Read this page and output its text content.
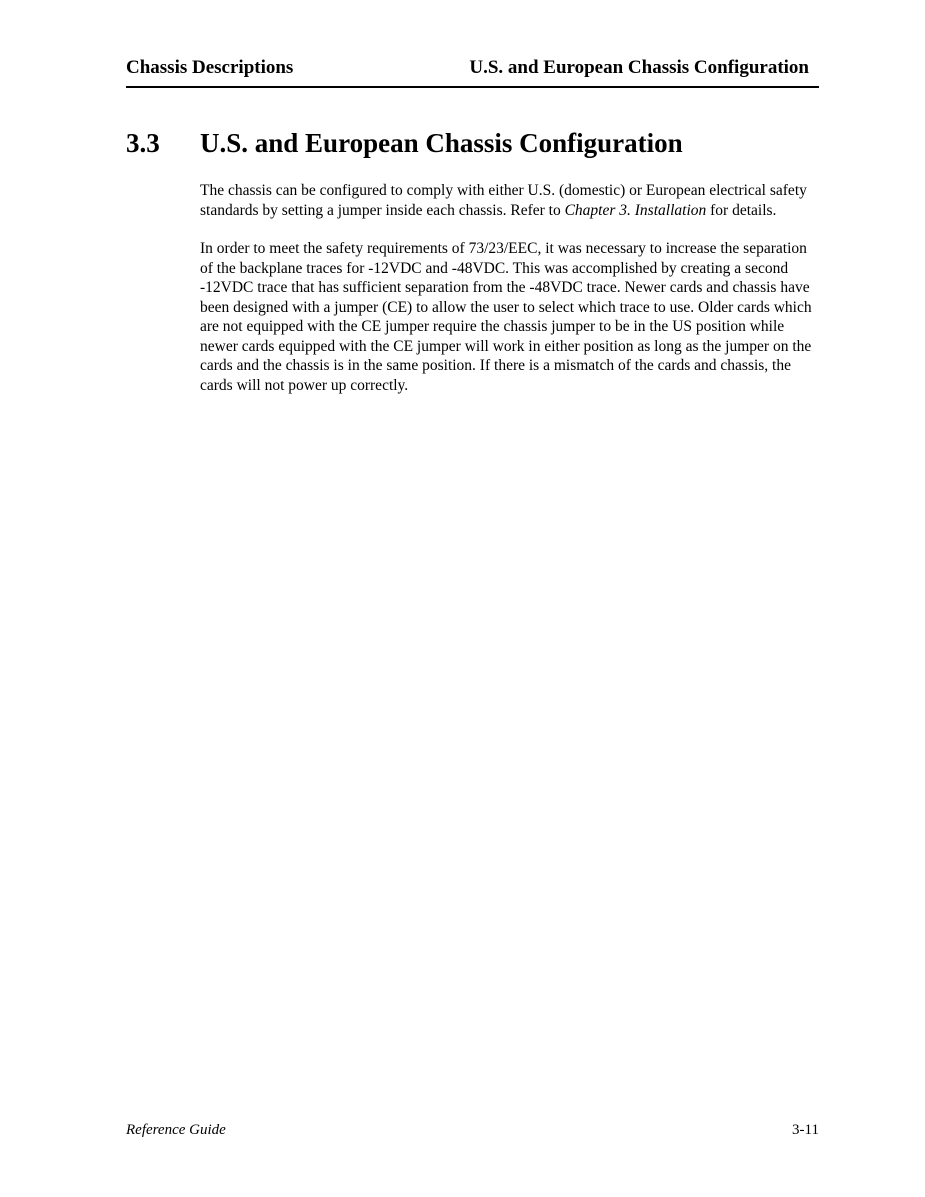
Chassis Descriptions	U.S. and European Chassis Configuration
3.3 U.S. and European Chassis Configuration

The chassis can be configured to comply with either U.S. (domestic) or European electrical safety standards by setting a jumper inside each chassis. Refer to Chapter 3. Installation for details.

In order to meet the safety requirements of 73/23/EEC, it was necessary to increase the separation of the backplane traces for -12VDC and -48VDC. This was accomplished by creating a second -12VDC trace that has sufficient separation from the -48VDC trace. Newer cards and chassis have been designed with a jumper (CE) to allow the user to select which trace to use. Older cards which are not equipped with the CE jumper require the chassis jumper to be in the US position while newer cards equipped with the CE jumper will work in either position as long as the jumper on the cards and the chassis is in the same position. If there is a mismatch of the cards and chassis, the cards will not power up correctly.

Reference Guide	3-11
